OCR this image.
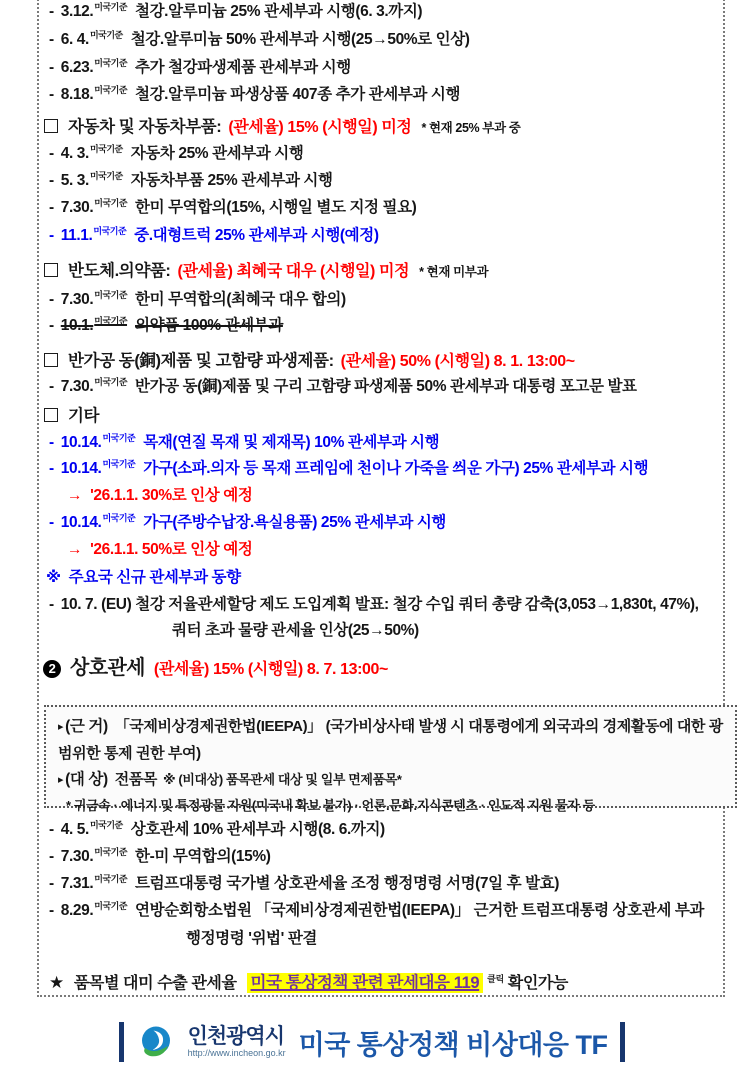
- 3.12.$^{미국기준}$ 철강.알루미늄 25% 관세부과 시행(6. 3.까지)
- 6. 4.$^{미국기준}$ 철강.알루미늄 50% 관세부과 시행(25→50%로 인상)
- 6.23.$^{미국기준}$ 추가 철강파생제품 관세부과 시행
- 8.18.$^{미국기준}$ 철강.알루미늄 파생상품 407종 추가 관세부과 시행
자동차 및 자동차부품: (관세율) 15% (시행일) 미정 * 현재 25% 부과 중
- 4. 3.$^{미국기준}$ 자동차 25% 관세부과 시행
- 5. 3.$^{미국기준}$ 자동차부품 25% 관세부과 시행
- 7.30.$^{미국기준}$ 한미 무역합의(15%, 시행일 별도 지정 필요)
- 11.1.$^{미국기준}$ 중.대형트럭 25% 관세부과 시행(예정)
반도체.의약품: (관세율) 최혜국 대우 (시행일) 미정 * 현재 미부과
- 7.30.$^{미국기준}$ 한미 무역합의(최혜국 대우 합의)
- 10.1.$^{미국기준}$ 의약품 100% 관세부과
반가공 동(銅)제품 및 고함량 파생제품: (관세율) 50% (시행일) 8. 1. 13:00~
- 7.30.$^{미국기준}$ 반가공 동(銅)제품 및 구리 고함량 파생제품 50% 관세부과 대통령 포고문 발표
기타
- 10.14.$^{미국기준}$ 목재(연질 목재 및 제재목) 10% 관세부과 시행
- 10.14.$^{미국기준}$ 가구(소파.의자 등 목재 프레임에 천이나 가죽을 씌운 가구) 25% 관세부과 시행
→ '26.1.1. 30%로 인상 예정
- 10.14.$^{미국기준}$ 가구(주방수납장.욕실용품) 25% 관세부과 시행
→ '26.1.1. 50%로 인상 예정
※ 주요국 신규 관세부과 동향
- 10. 7. (EU) 철강 저율관세할당 제도 도입계획 발표: 철강 수입 쿼터 총량 감축(3,053→1,830t, 47%),
쿼터 초과 물량 관세율 인상(25→50%)
2 상호관세 (관세율) 15% (시행일) 8. 7. 13:00~
▸ (근 거) 「국제비상경제권한법(IEEPA)」 (국가비상사태 발생 시 대통령에게 외국과의 경제활동에 대한 광범위한 통제 권한 부여)
▸ (대 상) 전품목 ※ (비대상) 품목관세 대상 및 일부 면제품목*
* 귀금속 · 에너지 및 특정광물 자원(미국내 확보 불가) · 언론.문화.지식콘텐츠 · 인도적 지원 물자 등
- 4. 5.$^{미국기준}$ 상호관세 10% 관세부과 시행(8. 6.까지)
- 7.30.$^{미국기준}$ 한-미 무역합의(15%)
- 7.31.$^{미국기준}$ 트럼프대통령 국가별 상호관세율 조정 행정명령 서명(7일 후 발효)
- 8.29.$^{미국기준}$ 연방순회항소법원 「국제비상경제권한법(IEEPA)」 근거한 트럼프대통령 상호관세 부과
행정명령 '위법' 판결
★ 품목별 대미 수출 관세율 미국 통상정책 관련 관세대응 119 $^{클릭}$ 확인가능
인천광역시
http://www.incheon.go.kr 미국 통상정책 비상대응 TF
